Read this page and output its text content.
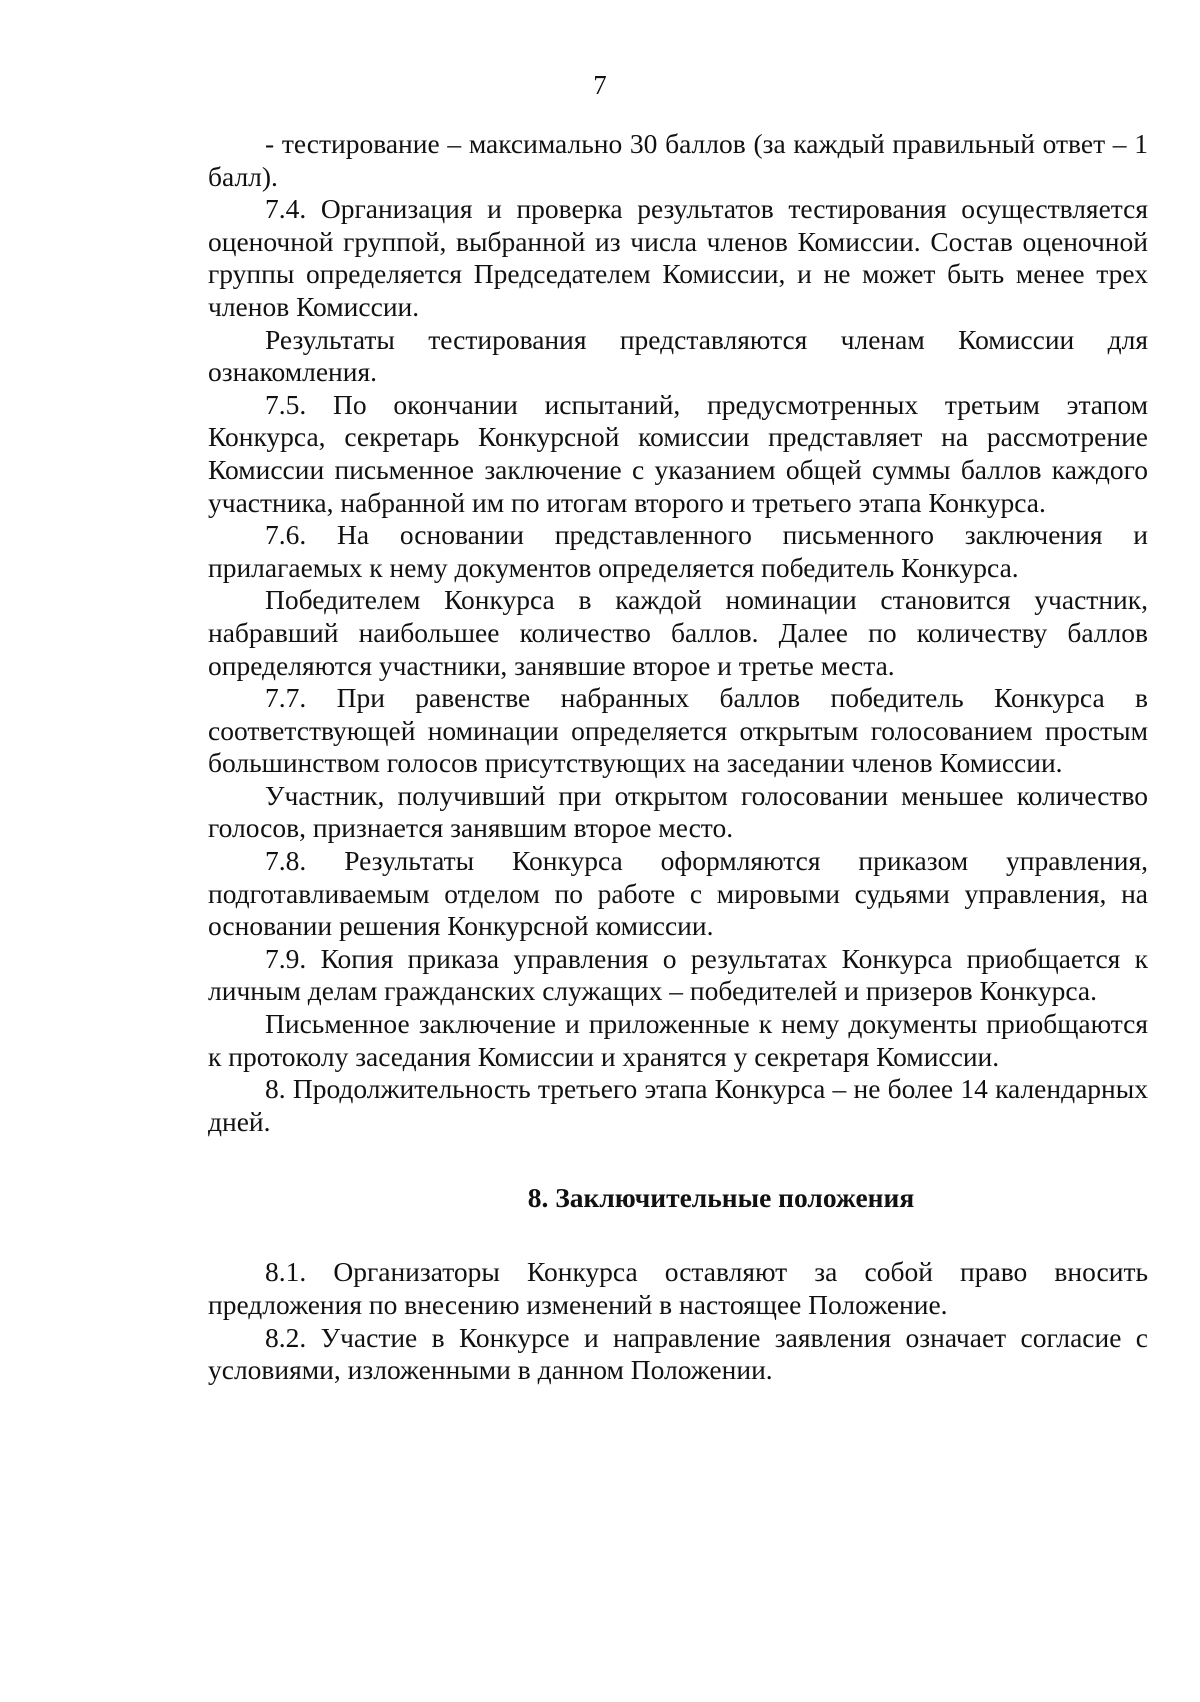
7

- тестирование – максимально 30 баллов (за каждый правильный ответ – 1 балл).

7.4. Организация и проверка результатов тестирования осуществляется оценочной группой, выбранной из числа членов Комиссии. Состав оценочной группы определяется Председателем Комиссии, и не может быть менее трех членов Комиссии.

Результаты тестирования представляются членам Комиссии для ознакомления.

7.5. По окончании испытаний, предусмотренных третьим этапом Конкурса, секретарь Конкурсной комиссии представляет на рассмотрение Комиссии письменное заключение с указанием общей суммы баллов каждого участника, набранной им по итогам второго и третьего этапа Конкурса.

7.6. На основании представленного письменного заключения и прилагаемых к нему документов определяется победитель Конкурса.

Победителем Конкурса в каждой номинации становится участник, набравший наибольшее количество баллов. Далее по количеству баллов определяются участники, занявшие второе и третье места.

7.7. При равенстве набранных баллов победитель Конкурса в соответствующей номинации определяется открытым голосованием простым большинством голосов присутствующих на заседании членов Комиссии.

Участник, получивший при открытом голосовании меньшее количество голосов, признается занявшим второе место.

7.8. Результаты Конкурса оформляются приказом управления, подготавливаемым отделом по работе с мировыми судьями управления, на основании решения Конкурсной комиссии.

7.9. Копия приказа управления о результатах Конкурса приобщается к личным делам гражданских служащих – победителей и призеров Конкурса.

Письменное заключение и приложенные к нему документы приобщаются к протоколу заседания Комиссии и хранятся у секретаря Комиссии.

8. Продолжительность третьего этапа Конкурса – не более 14 календарных дней.

8. Заключительные положения

8.1. Организаторы Конкурса оставляют за собой право вносить предложения по внесению изменений в настоящее Положение.

8.2. Участие в Конкурсе и направление заявления означает согласие с условиями, изложенными в данном Положении.
